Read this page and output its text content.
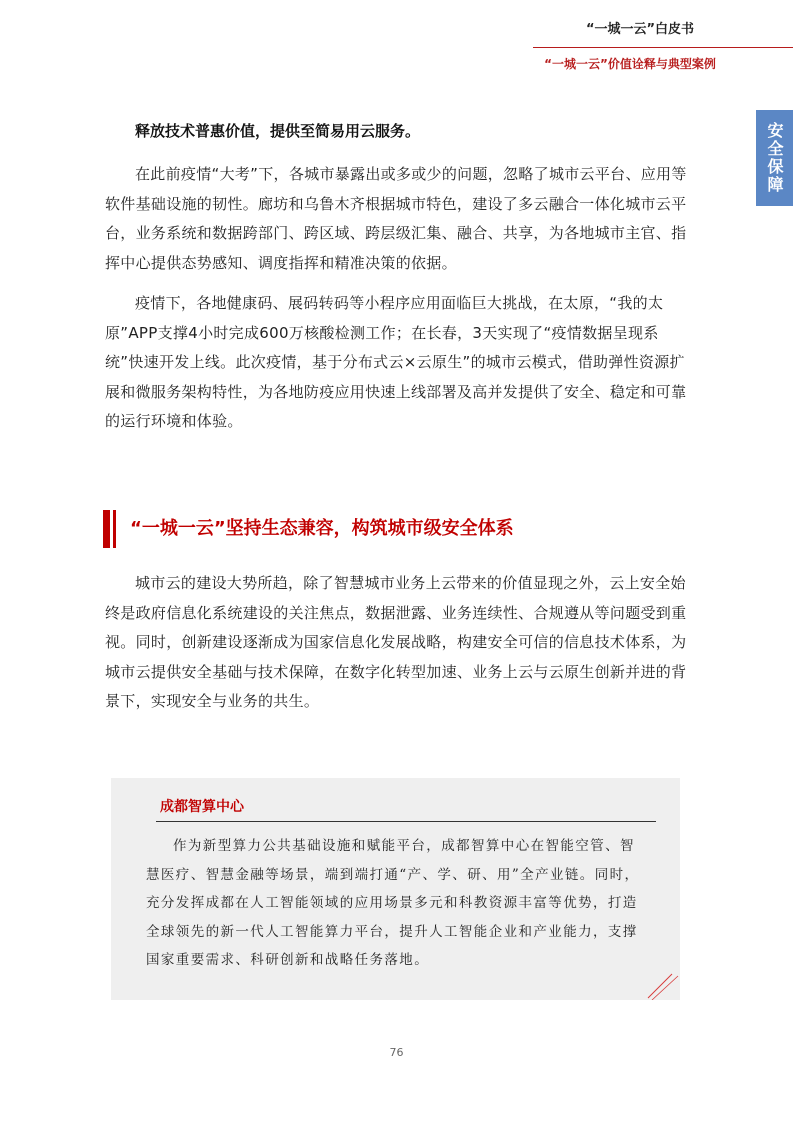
“一城一云”白皮书
“一城一云”价值诠释与典型案例
安全保障

释放技术普惠价值，提供至简易用云服务。

在此前疫情“大考”下，各城市暴露出或多或少的问题，忽略了城市云平台、应用等软件基础设施的韧性。廊坊和乌鲁木齐根据城市特色，建设了多云融合一体化城市云平台，业务系统和数据跨部门、跨区域、跨层级汇集、融合、共享，为各地城市主官、指挥中心提供态势感知、调度指挥和精准决策的依据。

疫情下，各地健康码、展码转码等小程序应用面临巨大挑战，在太原，“我的太原”APP支撑4小时完成600万核酸检测工作；在长春，3天实现了“疫情数据呈现系统”快速开发上线。此次疫情，基于分布式云×云原生”的城市云模式，借助弹性资源扩展和微服务架构特性，为各地防疫应用快速上线部署及高并发提供了安全、稳定和可靠的运行环境和体验。

“一城一云”坚持生态兼容，构筑城市级安全体系

城市云的建设大势所趋，除了智慧城市业务上云带来的价值显现之外，云上安全始终是政府信息化系统建设的关注焦点，数据泄露、业务连续性、合规遵从等问题受到重视。同时，创新建设逐渐成为国家信息化发展战略，构建安全可信的信息技术体系，为城市云提供安全基础与技术保障，在数字化转型加速、业务上云与云原生创新并进的背景下，实现安全与业务的共生。

成都智算中心

作为新型算力公共基础设施和赋能平台，成都智算中心在智能空管、智慧医疗、智慧金融等场景，端到端打通“产、学、研、用”全产业链。同时，充分发挥成都在人工智能领域的应用场景多元和科教资源丰富等优势，打造全球领先的新一代人工智能算力平台，提升人工智能企业和产业能力，支撑国家重要需求、科研创新和战略任务落地。

76
